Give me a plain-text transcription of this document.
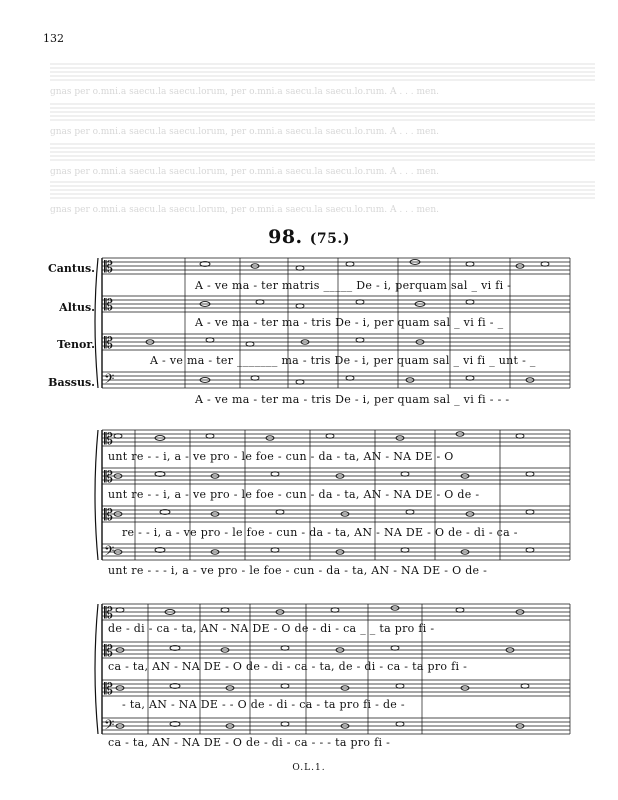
132
gnas per o.mni.a saecu.la saecu.lorum, per o.mni.a saecu.la saecu.lo.rum. A . . . men.
gnas per o.mni.a saecu.la saecu.lorum, per o.mni.a saecu.la saecu.lo.rum. A . . . men.
gnas per o.mni.a saecu.la saecu.lorum, per o.mni.a saecu.la saecu.lo.rum. A . . . men.
gnas per o.mni.a saecu.la saecu.lorum, per o.mni.a saecu.la saecu.lo.rum. A . . . men.
98. (75.)
Cantus.
Altus.
Tenor.
Bassus.
𝄡
𝄡
𝄡
𝄢
𝄡
𝄡
𝄡
𝄢
𝄡
𝄡
𝄡
𝄢
A - ve ma - ter matris _____ De - i, perquam sal _ vi fi -
A - ve ma - ter ma - tris De - i, per quam sal _ vi fi - _
A - ve ma - ter _______ ma - tris De - i, per quam sal _ vi fi _ unt - _
A - ve ma - ter ma - tris De - i, per quam sal _ vi fi - - -
unt re - - i, a - ve pro - le foe - cun - da - ta, AN - NA DE - O
unt re - - i, a - ve pro - le foe - cun - da - ta, AN - NA DE - O de -
re - - i, a - ve pro - le foe - cun - da - ta, AN - NA DE - O de - di - ca -
unt re - - - i, a - ve pro - le foe - cun - da - ta, AN - NA DE - O de -
de - di - ca - ta, AN - NA DE - O de - di - ca _ _ ta pro fi -
ca - ta, AN - NA DE - O de - di - ca - ta, de - di - ca - ta pro fi -
- ta, AN - NA DE - - O de - di - ca - ta pro fi - de -
ca - ta, AN - NA DE - O de - di - ca - - - ta pro fi -
O.L.1.
